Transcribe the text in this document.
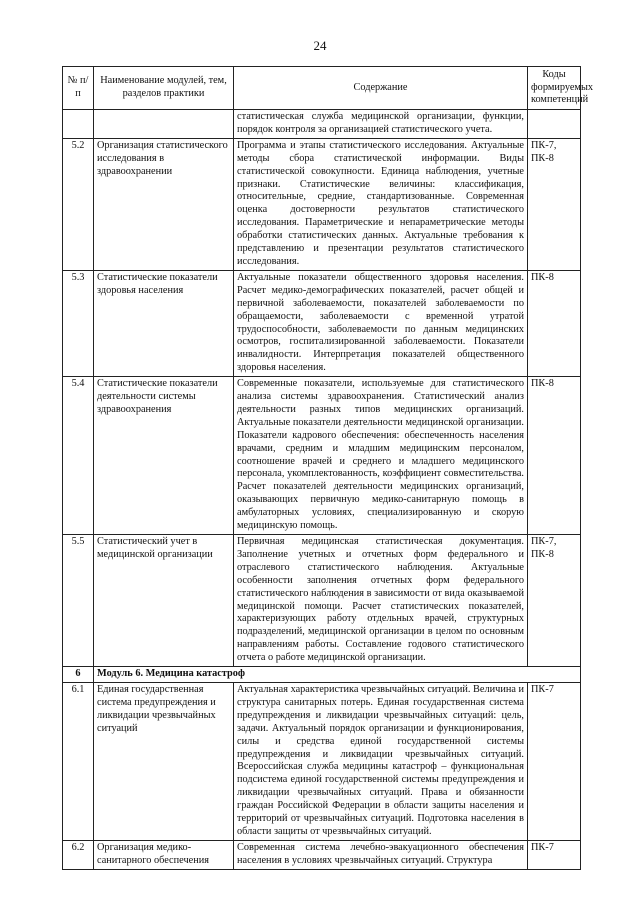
24
№ п/п	Наименование модулей, тем, разделов практики	Содержание	Коды формируемых компетенций
		статистическая служба медицинской организации, функции, порядок контроля за организацией статистического учета.	
5.2	Организация статистического исследования в здравоохранении	Программа и этапы статистического исследования. Актуальные методы сбора статистической информации. Виды статистической совокупности. Единица наблюдения, учетные признаки. Статистические величины: классификация, относительные, средние, стандартизованные. Современная оценка достоверности результатов статистического исследования. Параметрические и непараметрические методы обработки статистических данных. Актуальные требования к представлению и презентации результатов статистического исследования.	ПК-7, ПК-8
5.3	Статистические показатели здоровья населения	Актуальные показатели общественного здоровья населения. Расчет медико-демографических показателей, расчет общей и первичной заболеваемости, показателей заболеваемости по обращаемости, заболеваемости с временной утратой трудоспособности, заболеваемости по данным медицинских осмотров, госпитализированной заболеваемости. Показатели инвалидности. Интерпретация показателей общественного здоровья населения.	ПК-8
5.4	Статистические показатели деятельности системы здравоохранения	Современные показатели, используемые для статистического анализа системы здравоохранения. Статистический анализ деятельности разных типов медицинских организаций. Актуальные показатели деятельности медицинской организации. Показатели кадрового обеспечения: обеспеченность населения врачами, средним и младшим медицинским персоналом, соотношение врачей и среднего и младшего медицинского персонала, укомплектованность, коэффициент совместительства. Расчет показателей деятельности медицинских организаций, оказывающих первичную медико-санитарную помощь в амбулаторных условиях, специализированную и скорую медицинскую помощь.	ПК-8
5.5	Статистический учет в медицинской организации	Первичная медицинская статистическая документация. Заполнение учетных и отчетных форм федерального и отраслевого статистического наблюдения. Актуальные особенности заполнения отчетных форм федерального статистического наблюдения в зависимости от вида оказываемой медицинской помощи. Расчет статистических показателей, характеризующих работу отдельных врачей, структурных подразделений, медицинской организации в целом по основным направлениям работы. Составление годового статистического отчета о работе медицинской организации.	ПК-7, ПК-8
6	Модуль 6. Медицина катастроф		
6.1	Единая государственная система предупреждения и ликвидации чрезвычайных ситуаций	Актуальная характеристика чрезвычайных ситуаций. Величина и структура санитарных потерь. Единая государственная система предупреждения и ликвидации чрезвычайных ситуаций: цель, задачи. Актуальный порядок организации и функционирования, силы и средства единой государственной системы предупреждения и ликвидации чрезвычайных ситуаций. Всероссийская служба медицины катастроф – функциональная подсистема единой государственной системы предупреждения и ликвидации чрезвычайных ситуаций. Права и обязанности граждан Российской Федерации в области защиты населения и территорий от чрезвычайных ситуаций. Подготовка населения в области защиты от чрезвычайных ситуаций.	ПК-7
6.2	Организация медико-санитарного обеспечения	Современная система лечебно-эвакуационного обеспечения населения в условиях чрезвычайных ситуаций. Структура	ПК-7
